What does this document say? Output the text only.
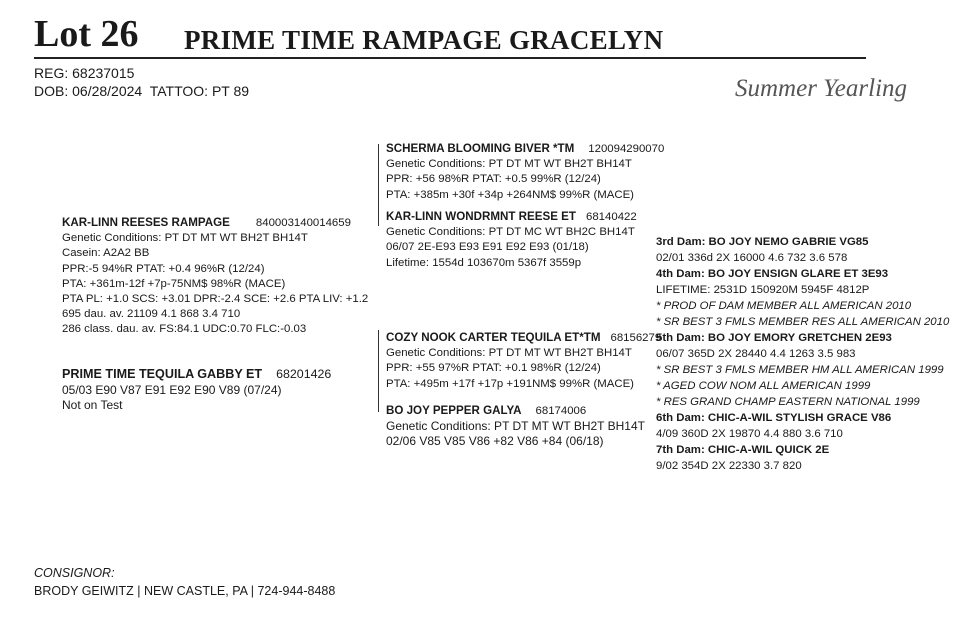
Lot 26 PRIME TIME RAMPAGE GRACELYN
REG: 68237015
DOB: 06/28/2024 TATTOO: PT 89	Summer Yearling
KAR-LINN REESES RAMPAGE 840003140014659
Genetic Conditions: PT DT MT WT BH2T BH14T
Casein: A2A2 BB
PPR:-5 94%R PTAT: +0.4 96%R (12/24)
PTA: +361m-12f +7p-75NM$ 98%R (MACE)
PTA PL: +1.0 SCS: +3.01 DPR:-2.4 SCE: +2.6 PTA LIV: +1.2
695 dau. av. 21109 4.1 868 3.4 710
286 class. dau. av. FS:84.1 UDC:0.70 FLC:-0.03
PRIME TIME TEQUILA GABBY ET 68201426
05/03 E90 V87 E91 E92 E90 V89 (07/24)
Not on Test
SCHERMA BLOOMING BIVER *TM 120094290070
Genetic Conditions: PT DT MT WT BH2T BH14T
PPR: +56 98%R PTAT: +0.5 99%R (12/24)
PTA: +385m +30f +34p +264NM$ 99%R (MACE)
KAR-LINN WONDRMNT REESE ET 68140422
Genetic Conditions: PT DT MC WT BH2C BH14T
06/07 2E-E93 E93 E91 E92 E93 (01/18)
Lifetime: 1554d 103670m 5367f 3559p
COZY NOOK CARTER TEQUILA ET*TM 68156279
Genetic Conditions: PT DT MT WT BH2T BH14T
PPR: +55 97%R PTAT: +0.1 98%R (12/24)
PTA: +495m +17f +17p +191NM$ 99%R (MACE)
BO JOY PEPPER GALYA 68174006
Genetic Conditions: PT DT MT WT BH2T BH14T
02/06 V85 V85 V86 +82 V86 +84 (06/18)
3rd Dam: BO JOY NEMO GABRIE VG85
02/01 336d 2X 16000 4.6 732 3.6 578
4th Dam: BO JOY ENSIGN GLARE ET 3E93
LIFETIME: 2531D 150920M 5945F 4812P
* PROD OF DAM MEMBER ALL AMERICAN 2010
* SR BEST 3 FMLS MEMBER RES ALL AMERICAN 2010
5th Dam: BO JOY EMORY GRETCHEN 2E93
06/07 365D 2X 28440 4.4 1263 3.5 983
* SR BEST 3 FMLS MEMBER HM ALL AMERICAN 1999
* AGED COW NOM ALL AMERICAN 1999
* RES GRAND CHAMP EASTERN NATIONAL 1999
6th Dam: CHIC-A-WIL STYLISH GRACE V86
4/09 360D 2X 19870 4.4 880 3.6 710
7th Dam: CHIC-A-WIL QUICK 2E
9/02 354D 2X 22330 3.7 820
CONSIGNOR:
BRODY GEIWITZ | NEW CASTLE, PA | 724-944-8488
